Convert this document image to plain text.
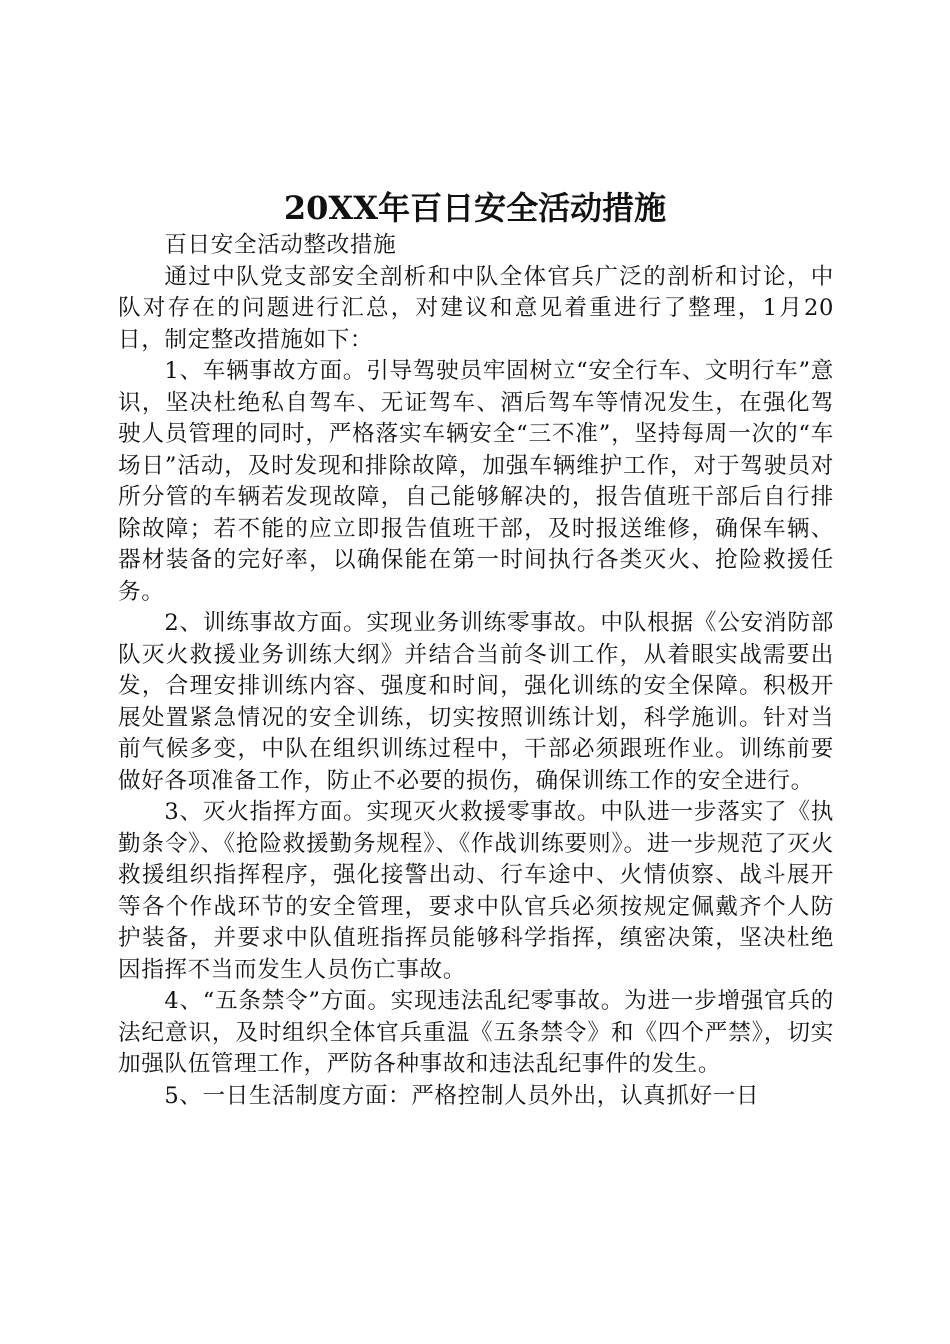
20XX年百日安全活动措施

百日安全活动整改措施

通过中队党支部安全剖析和中队全体官兵广泛的剖析和讨论，中队对存在的问题进行汇总，对建议和意见着重进行了整理，1月20日，制定整改措施如下：

1、车辆事故方面。引导驾驶员牢固树立“安全行车、文明行车”意识，坚决杜绝私自驾车、无证驾车、酒后驾车等情况发生，在强化驾驶人员管理的同时，严格落实车辆安全“三不准”，坚持每周一次的“车场日”活动，及时发现和排除故障，加强车辆维护工作，对于驾驶员对所分管的车辆若发现故障，自己能够解决的，报告值班干部后自行排除故障；若不能的应立即报告值班干部，及时报送维修，确保车辆、器材装备的完好率，以确保能在第一时间执行各类灭火、抢险救援任务。

2、训练事故方面。实现业务训练零事故。中队根据《公安消防部队灭火救援业务训练大纲》并结合当前冬训工作，从着眼实战需要出发，合理安排训练内容、强度和时间，强化训练的安全保障。积极开展处置紧急情况的安全训练，切实按照训练计划，科学施训。针对当前气候多变，中队在组织训练过程中，干部必须跟班作业。训练前要做好各项准备工作，防止不必要的损伤，确保训练工作的安全进行。

3、灭火指挥方面。实现灭火救援零事故。中队进一步落实了《执勤条令》、《抢险救援勤务规程》、《作战训练要则》。进一步规范了灭火救援组织指挥程序，强化接警出动、行车途中、火情侦察、战斗展开等各个作战环节的安全管理，要求中队官兵必须按规定佩戴齐个人防护装备，并要求中队值班指挥员能够科学指挥，缜密决策，坚决杜绝因指挥不当而发生人员伤亡事故。

4、“五条禁令”方面。实现违法乱纪零事故。为进一步增强官兵的法纪意识，及时组织全体官兵重温《五条禁令》和《四个严禁》，切实加强队伍管理工作，严防各种事故和违法乱纪事件的发生。

5、一日生活制度方面：严格控制人员外出，认真抓好一日
